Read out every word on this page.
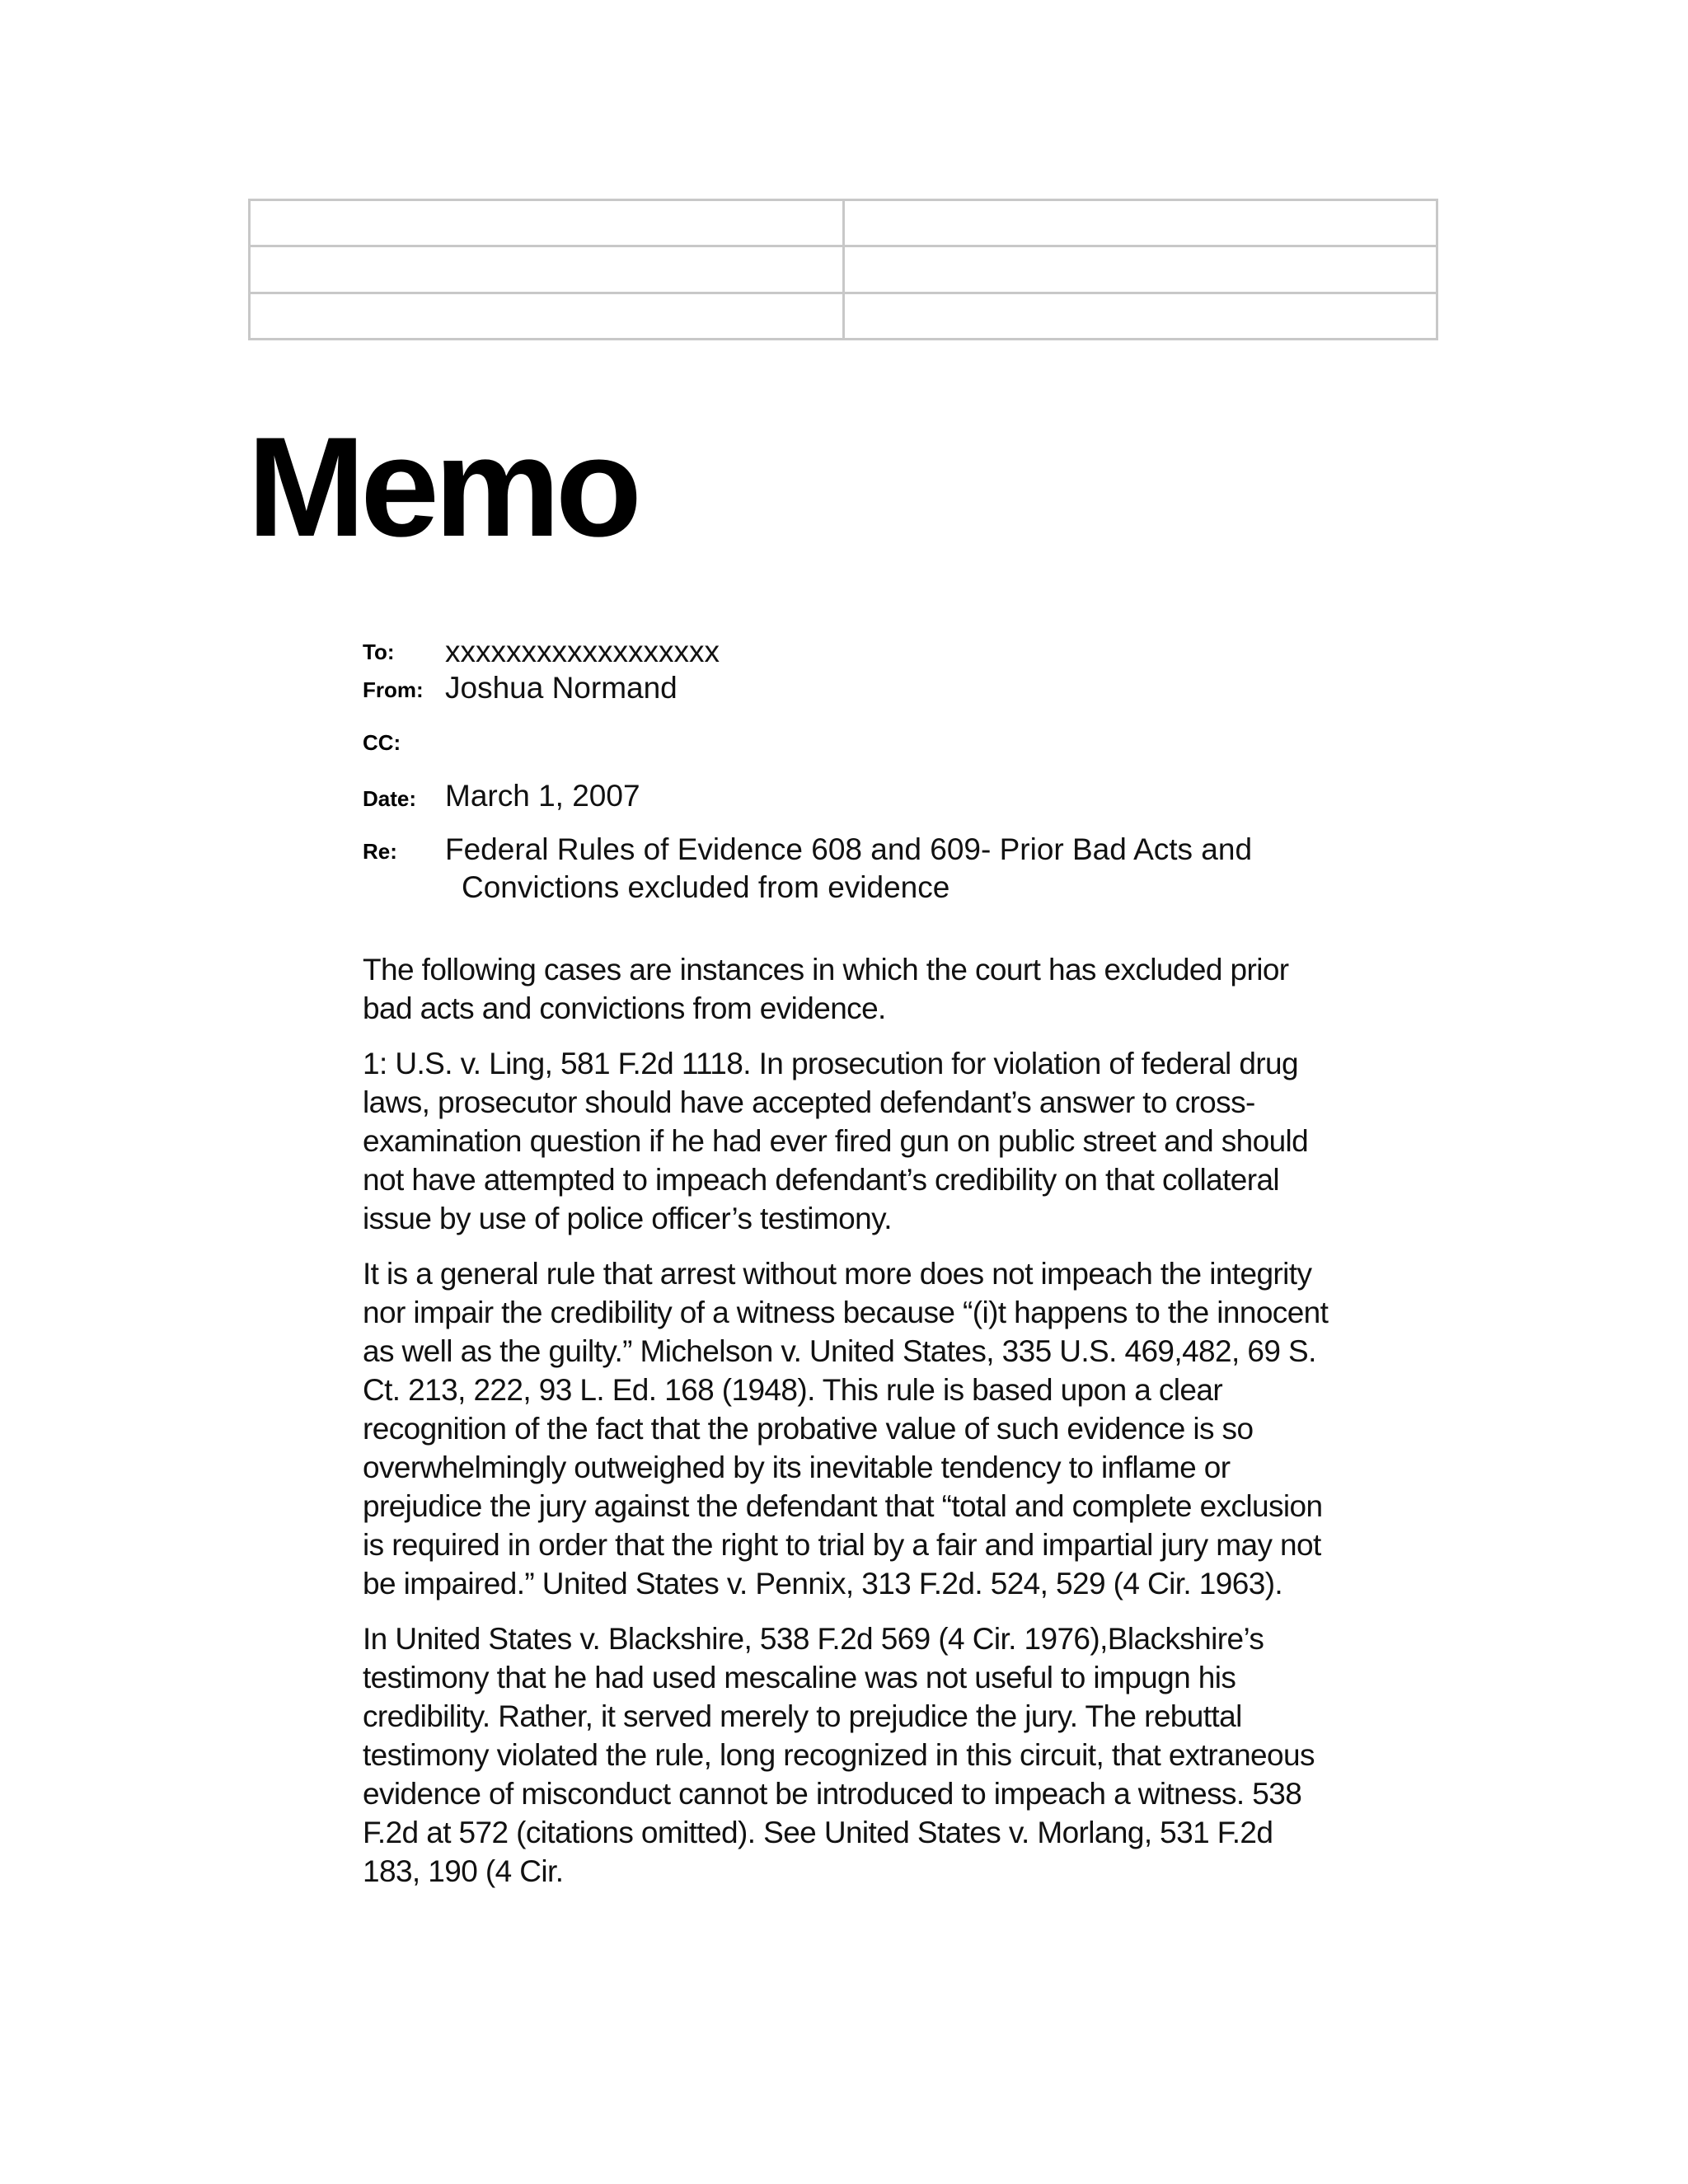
Memo
To: xxxxxxxxxxxxxxxxxx
From: Joshua Normand
CC:
Date: March 1, 2007
Re: Federal Rules of Evidence 608 and 609- Prior Bad Acts and
Convictions excluded from evidence

The following cases are instances in which the court has excluded prior bad acts and convictions from evidence.

1: U.S. v. Ling, 581 F.2d 1118. In prosecution for violation of federal drug laws, prosecutor should have accepted defendant’s answer to cross-examination question if he had ever fired gun on public street and should not have attempted to impeach defendant’s credibility on that collateral issue by use of police officer’s testimony.

It is a general rule that arrest without more does not impeach the integrity nor impair the credibility of a witness because “(i)t happens to the innocent as well as the guilty.” Michelson v. United States, 335 U.S. 469,482, 69 S. Ct. 213, 222, 93 L. Ed. 168 (1948). This rule is based upon a clear recognition of the fact that the probative value of such evidence is so overwhelmingly outweighed by its inevitable tendency to inflame or prejudice the jury against the defendant that “total and complete exclusion is required in order that the right to trial by a fair and impartial jury may not be impaired.” United States v. Pennix, 313 F.2d. 524, 529 (4 Cir. 1963).

In United States v. Blackshire, 538 F.2d 569 (4 Cir. 1976),Blackshire’s testimony that he had used mescaline was not useful to impugn his credibility. Rather, it served merely to prejudice the jury. The rebuttal testimony violated the rule, long recognized in this circuit, that extraneous evidence of misconduct cannot be introduced to impeach a witness. 538 F.2d at 572 (citations omitted). See United States v. Morlang, 531 F.2d 183, 190 (4 Cir.
